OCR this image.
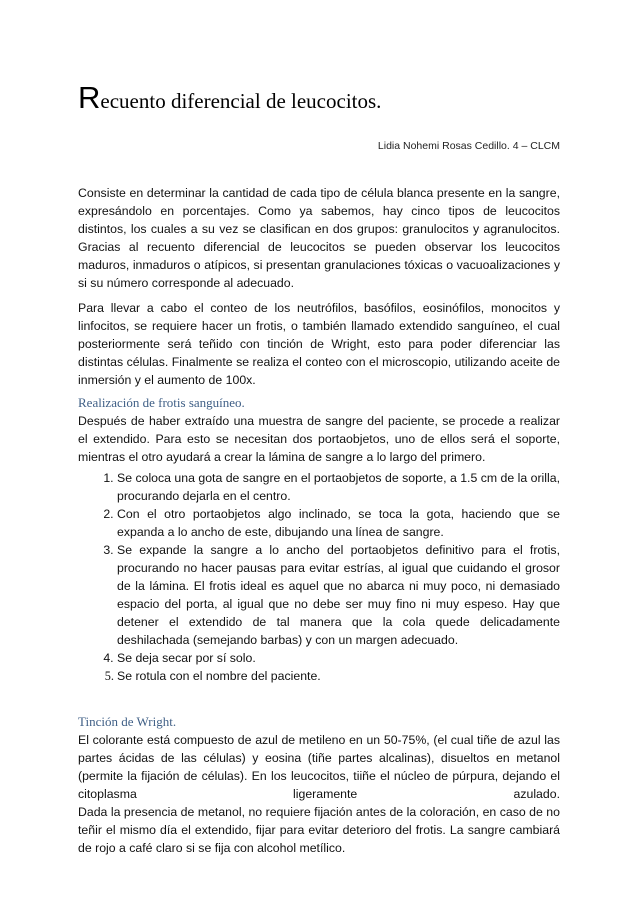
Recuento diferencial de leucocitos.
Lidia Nohemi Rosas Cedillo. 4 – CLCM

Consiste en determinar la cantidad de cada tipo de célula blanca presente en la sangre, expresándolo en porcentajes. Como ya sabemos, hay cinco tipos de leucocitos distintos, los cuales a su vez se clasifican en dos grupos: granulocitos y agranulocitos. Gracias al recuento diferencial de leucocitos se pueden observar los leucocitos maduros, inmaduros o atípicos, si presentan granulaciones tóxicas o vacuoalizaciones y si su número corresponde al adecuado.

Para llevar a cabo el conteo de los neutrófilos, basófilos, eosinófilos, monocitos y linfocitos, se requiere hacer un frotis, o también llamado extendido sanguíneo, el cual posteriormente será teñido con tinción de Wright, esto para poder diferenciar las distintas células. Finalmente se realiza el conteo con el microscopio, utilizando aceite de inmersión y el aumento de 100x.

Realización de frotis sanguíneo.

Después de haber extraído una muestra de sangre del paciente, se procede a realizar el extendido. Para esto se necesitan dos portaobjetos, uno de ellos será el soporte, mientras el otro ayudará a crear la lámina de sangre a lo largo del primero.

1. Se coloca una gota de sangre en el portaobjetos de soporte, a 1.5 cm de la orilla, procurando dejarla en el centro.
2. Con el otro portaobjetos algo inclinado, se toca la gota, haciendo que se expanda a lo ancho de este, dibujando una línea de sangre.
3. Se expande la sangre a lo ancho del portaobjetos definitivo para el frotis, procurando no hacer pausas para evitar estrías, al igual que cuidando el grosor de la lámina. El frotis ideal es aquel que no abarca ni muy poco, ni demasiado espacio del porta, al igual que no debe ser muy fino ni muy espeso. Hay que detener el extendido de tal manera que la cola quede delicadamente deshilachada (semejando barbas) y con un margen adecuado.
4. Se deja secar por sí solo.
5. Se rotula con el nombre del paciente.
Tinción de Wright.

El colorante está compuesto de azul de metileno en un 50-75%, (el cual tiñe de azul las partes ácidas de las células) y eosina (tiñe partes alcalinas), disueltos en metanol (permite la fijación de células). En los leucocitos, tiiñe el núcleo de púrpura, dejando el citoplasma ligeramente azulado.

Dada la presencia de metanol, no requiere fijación antes de la coloración, en caso de no teñir el mismo día el extendido, fijar para evitar deterioro del frotis. La sangre cambiará de rojo a café claro si se fija con alcohol metílico.
